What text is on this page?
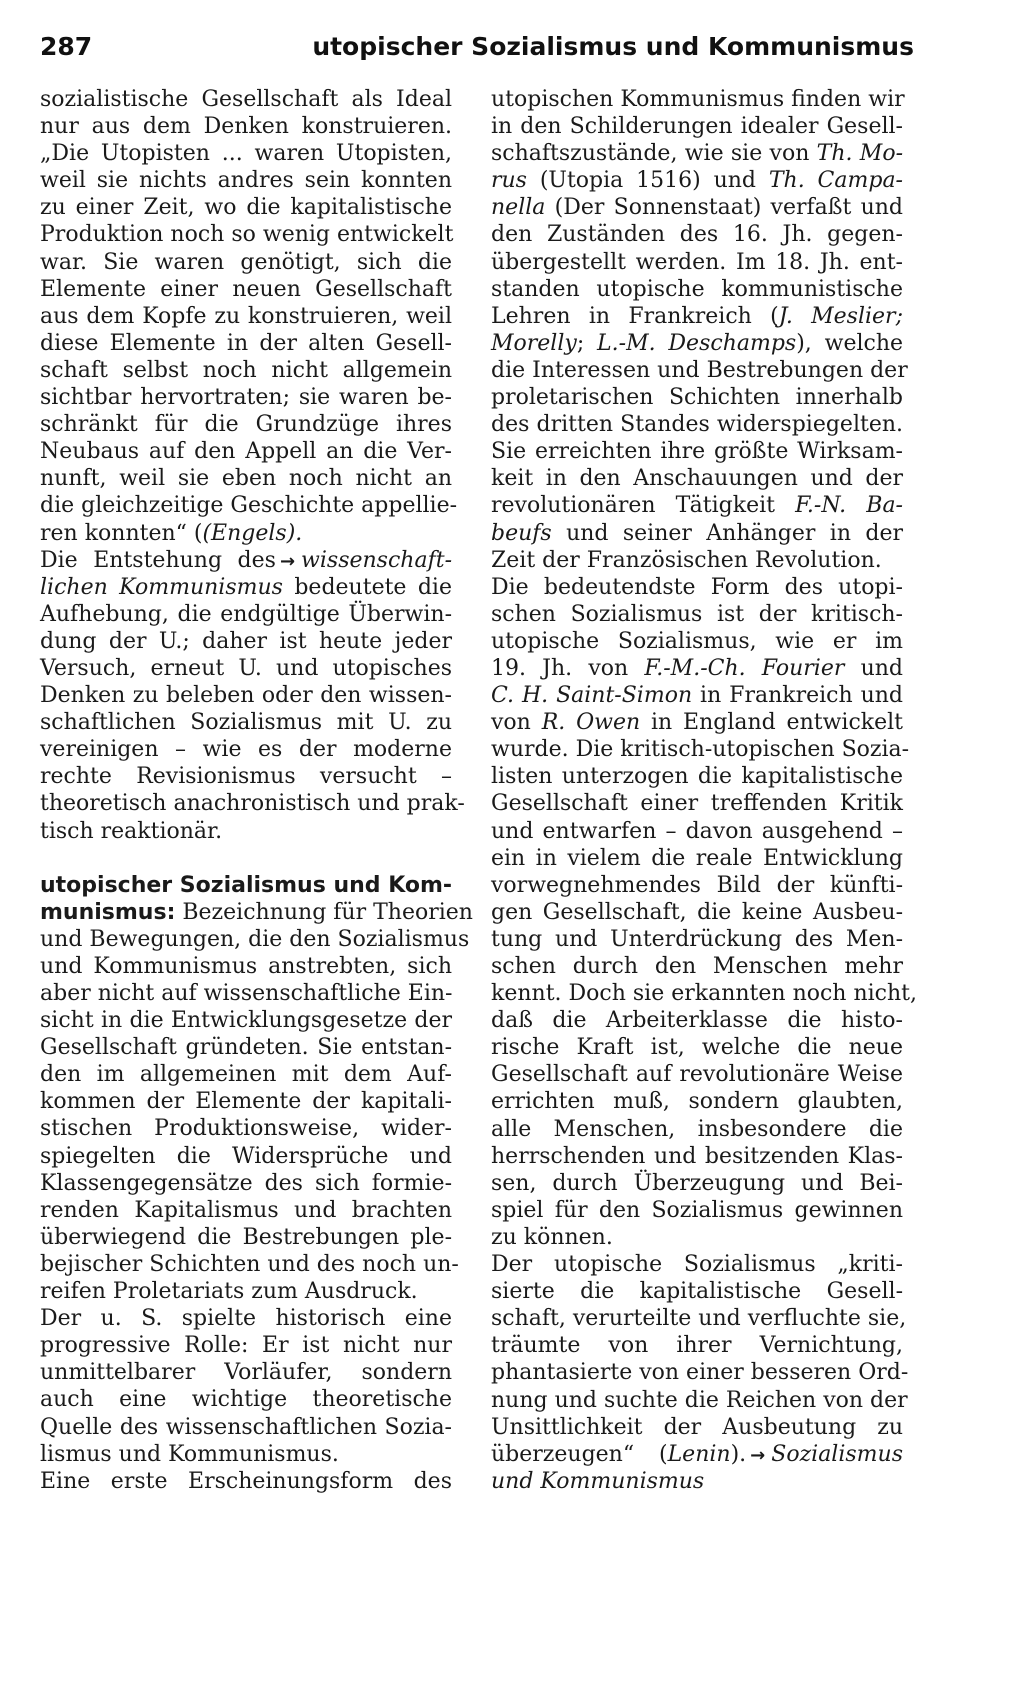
287	utopischer Sozialismus und Kommunismus
sozialistische Gesellschaft als Ideal
nur aus dem Denken konstruieren.
„Die Utopisten ... waren Utopisten,
weil sie nichts andres sein konnten
zu einer Zeit, wo die kapitalistische
Produktion noch so wenig entwickelt
war. Sie waren genötigt, sich die
Elemente einer neuen Gesellschaft
aus dem Kopfe zu konstruieren, weil
diese Elemente in der alten Gesell-
schaft selbst noch nicht allgemein
sichtbar hervortraten; sie waren be-
schränkt für die Grundzüge ihres
Neubaus auf den Appell an die Ver-
nunft, weil sie eben noch nicht an
die gleichzeitige Geschichte appellie-
ren konnten“ ((Engels).
Die Entstehung des → wissenschaft-
lichen Kommunismus bedeutete die
Aufhebung, die endgültige Überwin-
dung der U.; daher ist heute jeder
Versuch, erneut U. und utopisches
Denken zu beleben oder den wissen-
schaftlichen Sozialismus mit U. zu
vereinigen – wie es der moderne
rechte Revisionismus versucht –
theoretisch anachronistisch und prak-
tisch reaktionär.
utopischer Sozialismus und Kom-
munismus: Bezeichnung für Theorien
und Bewegungen, die den Sozialismus
und Kommunismus anstrebten, sich
aber nicht auf wissenschaftliche Ein-
sicht in die Entwicklungsgesetze der
Gesellschaft gründeten. Sie entstan-
den im allgemeinen mit dem Auf-
kommen der Elemente der kapitali-
stischen Produktionsweise, wider-
spiegelten die Widersprüche und
Klassengegensätze des sich formie-
renden Kapitalismus und brachten
überwiegend die Bestrebungen ple-
bejischer Schichten und des noch un-
reifen Proletariats zum Ausdruck.
Der u. S. spielte historisch eine
progressive Rolle: Er ist nicht nur
unmittelbarer Vorläufer, sondern
auch eine wichtige theoretische
Quelle des wissenschaftlichen Sozia-
lismus und Kommunismus.
Eine erste Erscheinungsform des
utopischen Kommunismus finden wir
in den Schilderungen idealer Gesell-
schaftszustände, wie sie von Th. Mo-
rus (Utopia 1516) und Th. Campa-
nella (Der Sonnenstaat) verfaßt und
den Zuständen des 16. Jh. gegen-
übergestellt werden. Im 18. Jh. ent-
standen utopische kommunistische
Lehren in Frankreich (J. Meslier;
Morelly; L.-M. Deschamps), welche
die Interessen und Bestrebungen der
proletarischen Schichten innerhalb
des dritten Standes widerspiegelten.
Sie erreichten ihre größte Wirksam-
keit in den Anschauungen und der
revolutionären Tätigkeit F.-N. Ba-
beufs und seiner Anhänger in der
Zeit der Französischen Revolution.
Die bedeutendste Form des utopi-
schen Sozialismus ist der kritisch-
utopische Sozialismus, wie er im
19. Jh. von F.-M.-Ch. Fourier und
C. H. Saint-Simon in Frankreich und
von R. Owen in England entwickelt
wurde. Die kritisch-utopischen Sozia-
listen unterzogen die kapitalistische
Gesellschaft einer treffenden Kritik
und entwarfen – davon ausgehend –
ein in vielem die reale Entwicklung
vorwegnehmendes Bild der künfti-
gen Gesellschaft, die keine Ausbeu-
tung und Unterdrückung des Men-
schen durch den Menschen mehr
kennt. Doch sie erkannten noch nicht,
daß die Arbeiterklasse die histo-
rische Kraft ist, welche die neue
Gesellschaft auf revolutionäre Weise
errichten muß, sondern glaubten,
alle Menschen, insbesondere die
herrschenden und besitzenden Klas-
sen, durch Überzeugung und Bei-
spiel für den Sozialismus gewinnen
zu können.
Der utopische Sozialismus „kriti-
sierte die kapitalistische Gesell-
schaft, verurteilte und verfluchte sie,
träumte von ihrer Vernichtung,
phantasierte von einer besseren Ord-
nung und suchte die Reichen von der
Unsittlichkeit der Ausbeutung zu
überzeugen“ (Lenin). → Sozialismus
und Kommunismus
